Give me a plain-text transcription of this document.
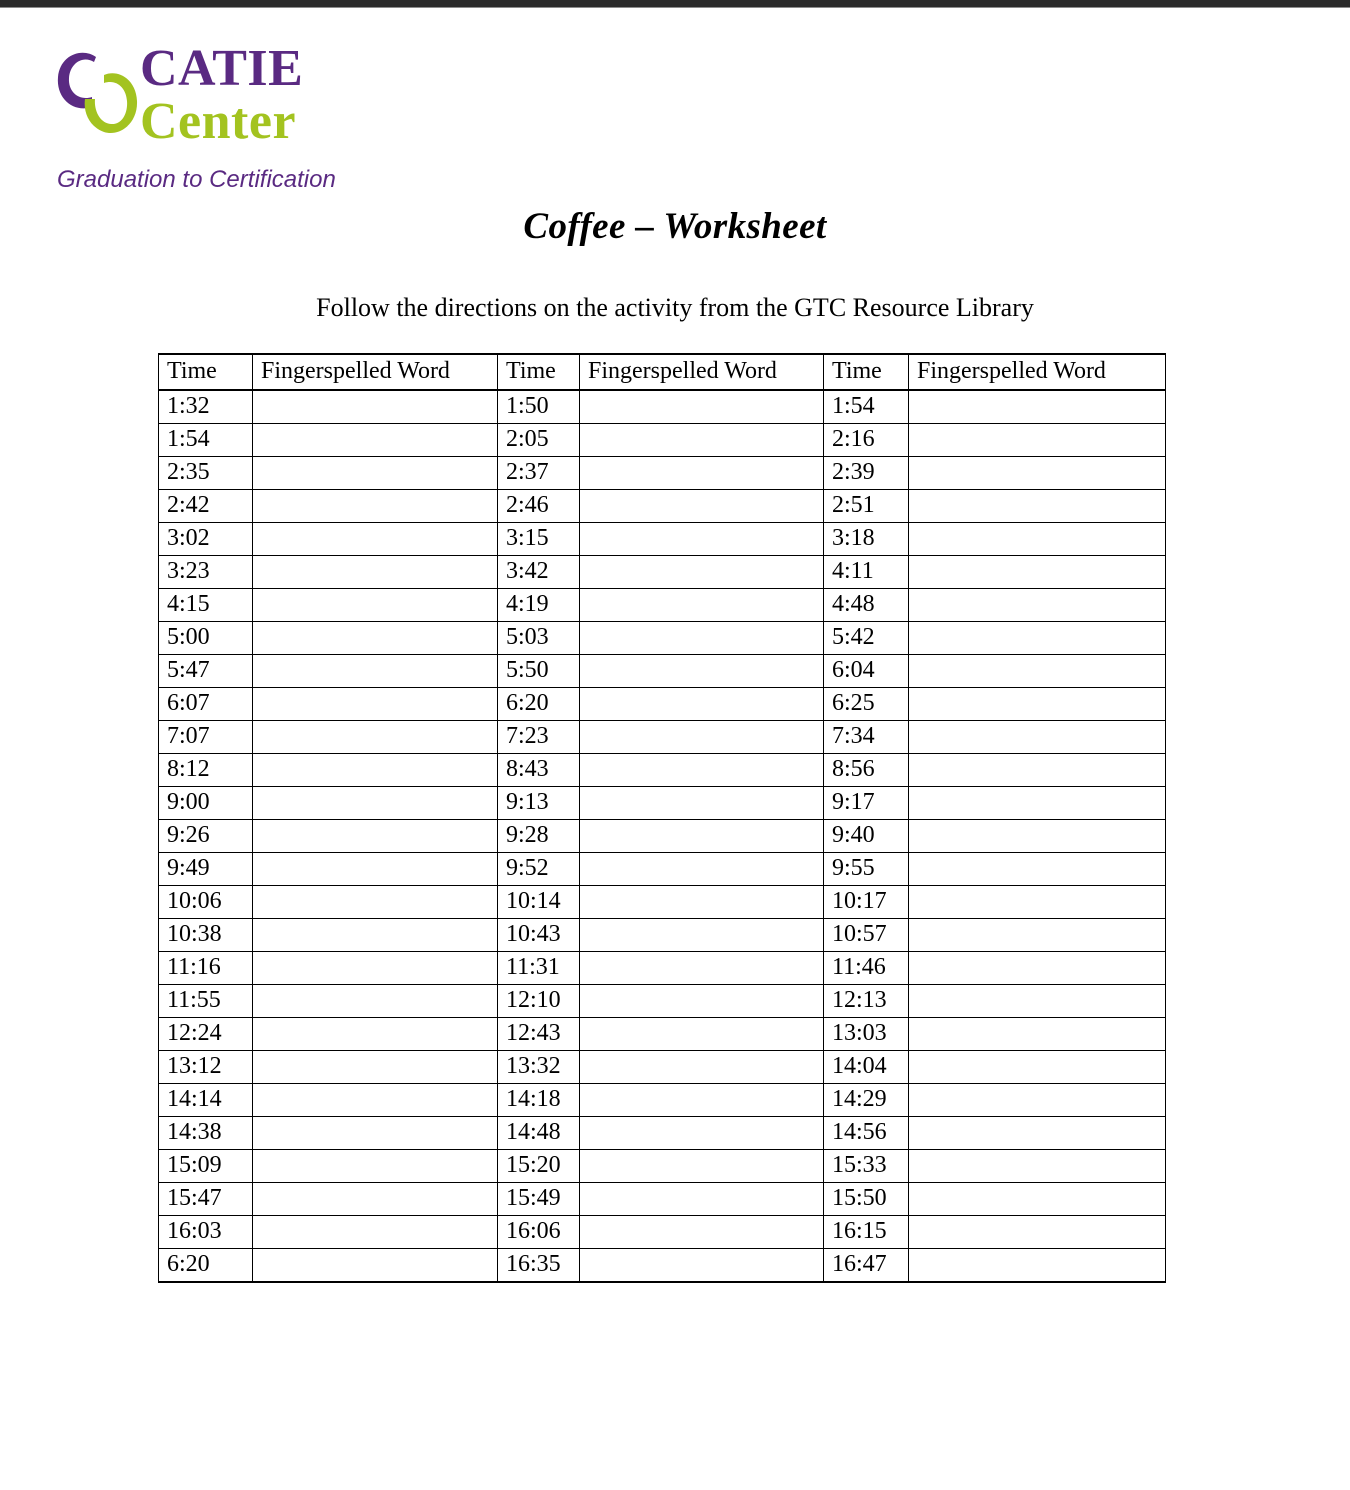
CATIE
Center
Graduation to Certification
Coffee – Worksheet
Follow the directions on the activity from the GTC Resource Library
Time	Fingerspelled Word	Time	Fingerspelled Word	Time	Fingerspelled Word
1:32		1:50		1:54	
1:54		2:05		2:16	
2:35		2:37		2:39	
2:42		2:46		2:51	
3:02		3:15		3:18	
3:23		3:42		4:11	
4:15		4:19		4:48	
5:00		5:03		5:42	
5:47		5:50		6:04	
6:07		6:20		6:25	
7:07		7:23		7:34	
8:12		8:43		8:56	
9:00		9:13		9:17	
9:26		9:28		9:40	
9:49		9:52		9:55	
10:06		10:14		10:17	
10:38		10:43		10:57	
11:16		11:31		11:46	
11:55		12:10		12:13	
12:24		12:43		13:03	
13:12		13:32		14:04	
14:14		14:18		14:29	
14:38		14:48		14:56	
15:09		15:20		15:33	
15:47		15:49		15:50	
16:03		16:06		16:15	
6:20		16:35		16:47	
